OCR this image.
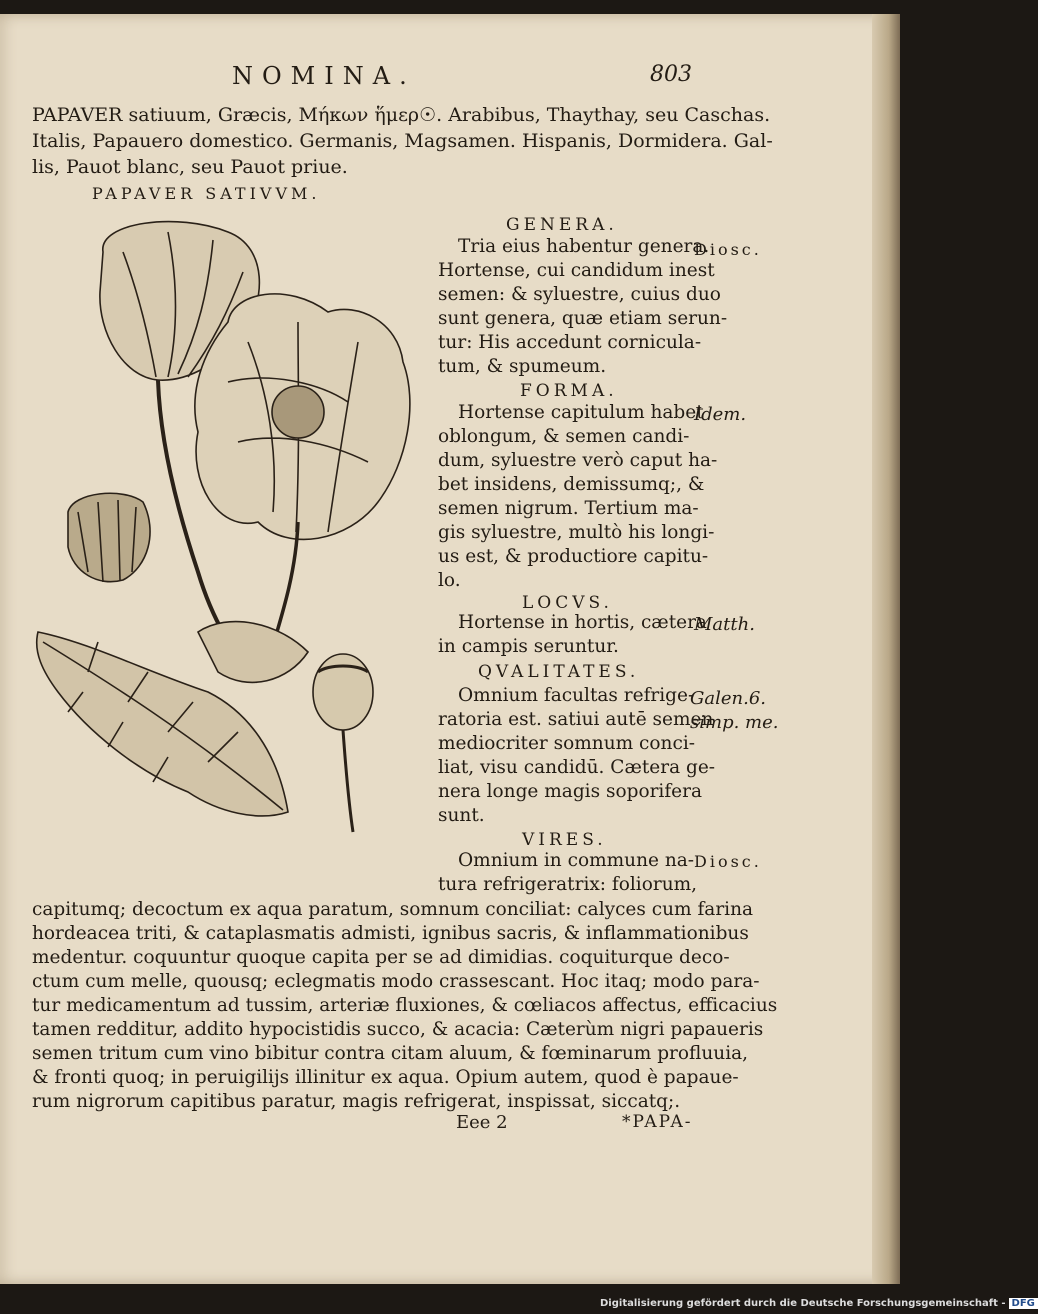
NOMINA.	803
PAPAVER satiuum, Græcis, Μήκων ἥμερ☉. Arabibus, Thaythay, seu Caschas.
Italis, Papauero domestico. Germanis, Magsamen. Hispanis, Dormidera. Gal-
lis, Pauot blanc, seu Pauot priue.
PAPAVER SATIVVM.
GENERA.
Diosc.
Tria eius habentur genera.
Hortense, cui candidum inest
semen: & syluestre, cuius duo
sunt genera, quæ etiam serun-
tur: His accedunt cornicula-
tum, & spumeum.
FORMA.
Idem.
Hortense capitulum habet
oblongum, & semen candi-
dum, syluestre verò caput ha-
bet insidens, demissumq;, &
semen nigrum. Tertium ma-
gis syluestre, multò his longi-
us est, & productiore capitu-
lo.
LOCVS.
Matth.
Hortense in hortis, cætera
in campis seruntur.
QVALITATES.
Galen.6.
simp. me.
Omnium facultas refrige-
ratoria est. satiui autē semen
mediocriter somnum conci-
liat, visu candidū. Cætera ge-
nera longe magis soporifera
sunt.
VIRES.
Diosc.
Omnium in commune na-
tura refrigeratrix: foliorum,
capitumq; decoctum ex aqua paratum, somnum conciliat: calyces cum farina
hordeacea triti, & cataplasmatis admisti, ignibus sacris, & inflammationibus
medentur. coquuntur quoque capita per se ad dimidias. coquiturque deco-
ctum cum melle, quousq; eclegmatis modo crassescant. Hoc itaq; modo para-
tur medicamentum ad tussim, arteriæ fluxiones, & cœliacos affectus, efficacius
tamen redditur, addito hypocistidis succo, & acacia: Cæterùm nigri papaueris
semen tritum cum vino bibitur contra citam aluum, & fœminarum profluuia,
& fronti quoq; in peruigilijs illinitur ex aqua. Opium autem, quod è papaue-
rum nigrorum capitibus paratur, magis refrigerat, inspissat, siccatq;.
Eee 2	*PAPA-
Digitalisierung gefördert durch die Deutsche Forschungsgemeinschaft - DFG
